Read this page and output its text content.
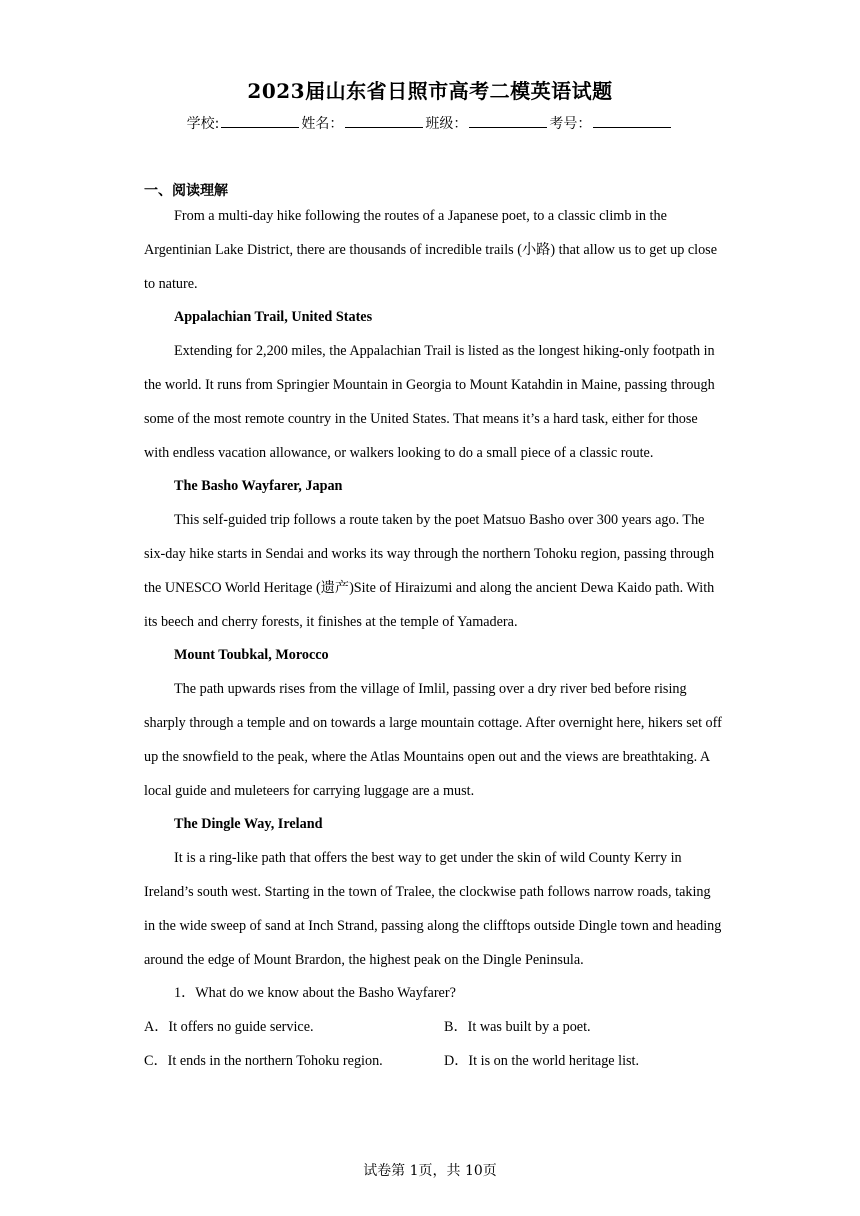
2023届山东省日照市高考二模英语试题
学校:	姓名：	班级：	考号：
一、阅读理解

From a multi-day hike following the routes of a Japanese poet, to a classic climb in the Argentinian Lake District, there are thousands of incredible trails (小路) that allow us to get up close to nature.

Appalachian Trail, United States

Extending for 2,200 miles, the Appalachian Trail is listed as the longest hiking-only footpath in the world. It runs from Springier Mountain in Georgia to Mount Katahdin in Maine, passing through some of the most remote country in the United States. That means it’s a hard task, either for those with endless vacation allowance, or walkers looking to do a small piece of a classic route.

The Basho Wayfarer, Japan

This self-guided trip follows a route taken by the poet Matsuo Basho over 300 years ago. The six-day hike starts in Sendai and works its way through the northern Tohoku region, passing through the UNESCO World Heritage (遗产)Site of Hiraizumi and along the ancient Dewa Kaido path. With its beech and cherry forests, it finishes at the temple of Yamadera.

Mount Toubkal, Morocco

The path upwards rises from the village of Imlil, passing over a dry river bed before rising sharply through a temple and on towards a large mountain cottage. After overnight here, hikers set off up the snowfield to the peak, where the Atlas Mountains open out and the views are breathtaking. A local guide and muleteers for carrying luggage are a must.

The Dingle Way, Ireland

It is a ring-like path that offers the best way to get under the skin of wild County Kerry in Ireland’s south west. Starting in the town of Tralee, the clockwise path follows narrow roads, taking in the wide sweep of sand at Inch Strand, passing along the clifftops outside Dingle town and heading around the edge of Mount Brardon, the highest peak on the Dingle Peninsula.

1．What do we know about the Basho Wayfarer?

A．It offers no guide service.	B．It was built by a poet.
C．It ends in the northern Tohoku region.	D．It is on the world heritage list.
试卷第 1页，共 10页
